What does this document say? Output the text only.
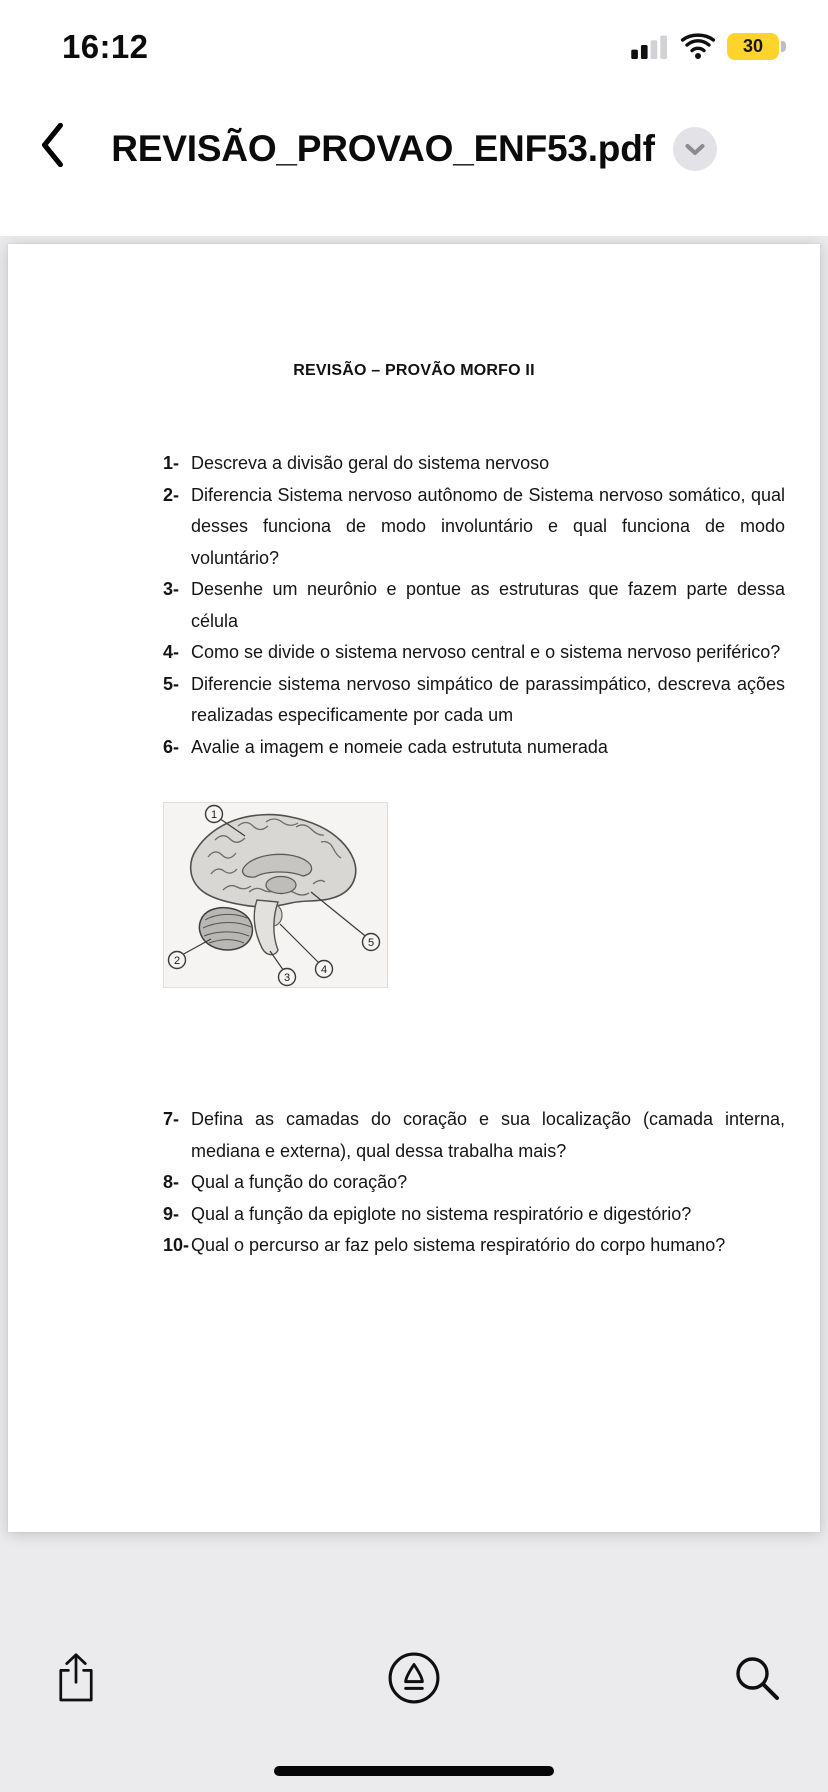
16:12	30
REVISÃO_PROVAO_ENF53.pdf
REVISÃO – PROVÃO MORFO II
1- Descreva a divisão geral do sistema nervoso
2- Diferencia Sistema nervoso autônomo de Sistema nervoso somático, qual desses funciona de modo involuntário e qual funciona de modo voluntário?
3- Desenhe um neurônio e pontue as estruturas que fazem parte dessa célula
4- Como se divide o sistema nervoso central e o sistema nervoso periférico?
5- Diferencie sistema nervoso simpático de parassimpático, descreva ações realizadas especificamente por cada um
6- Avalie a imagem e nomeie cada estrututa numerada
1
2
3
4
5
7- Defina as camadas do coração e sua localização (camada interna, mediana e externa), qual dessa trabalha mais?
8- Qual a função do coração?
9- Qual a função da epiglote no sistema respiratório e digestório?
10- Qual o percurso ar faz pelo sistema respiratório do corpo humano?
